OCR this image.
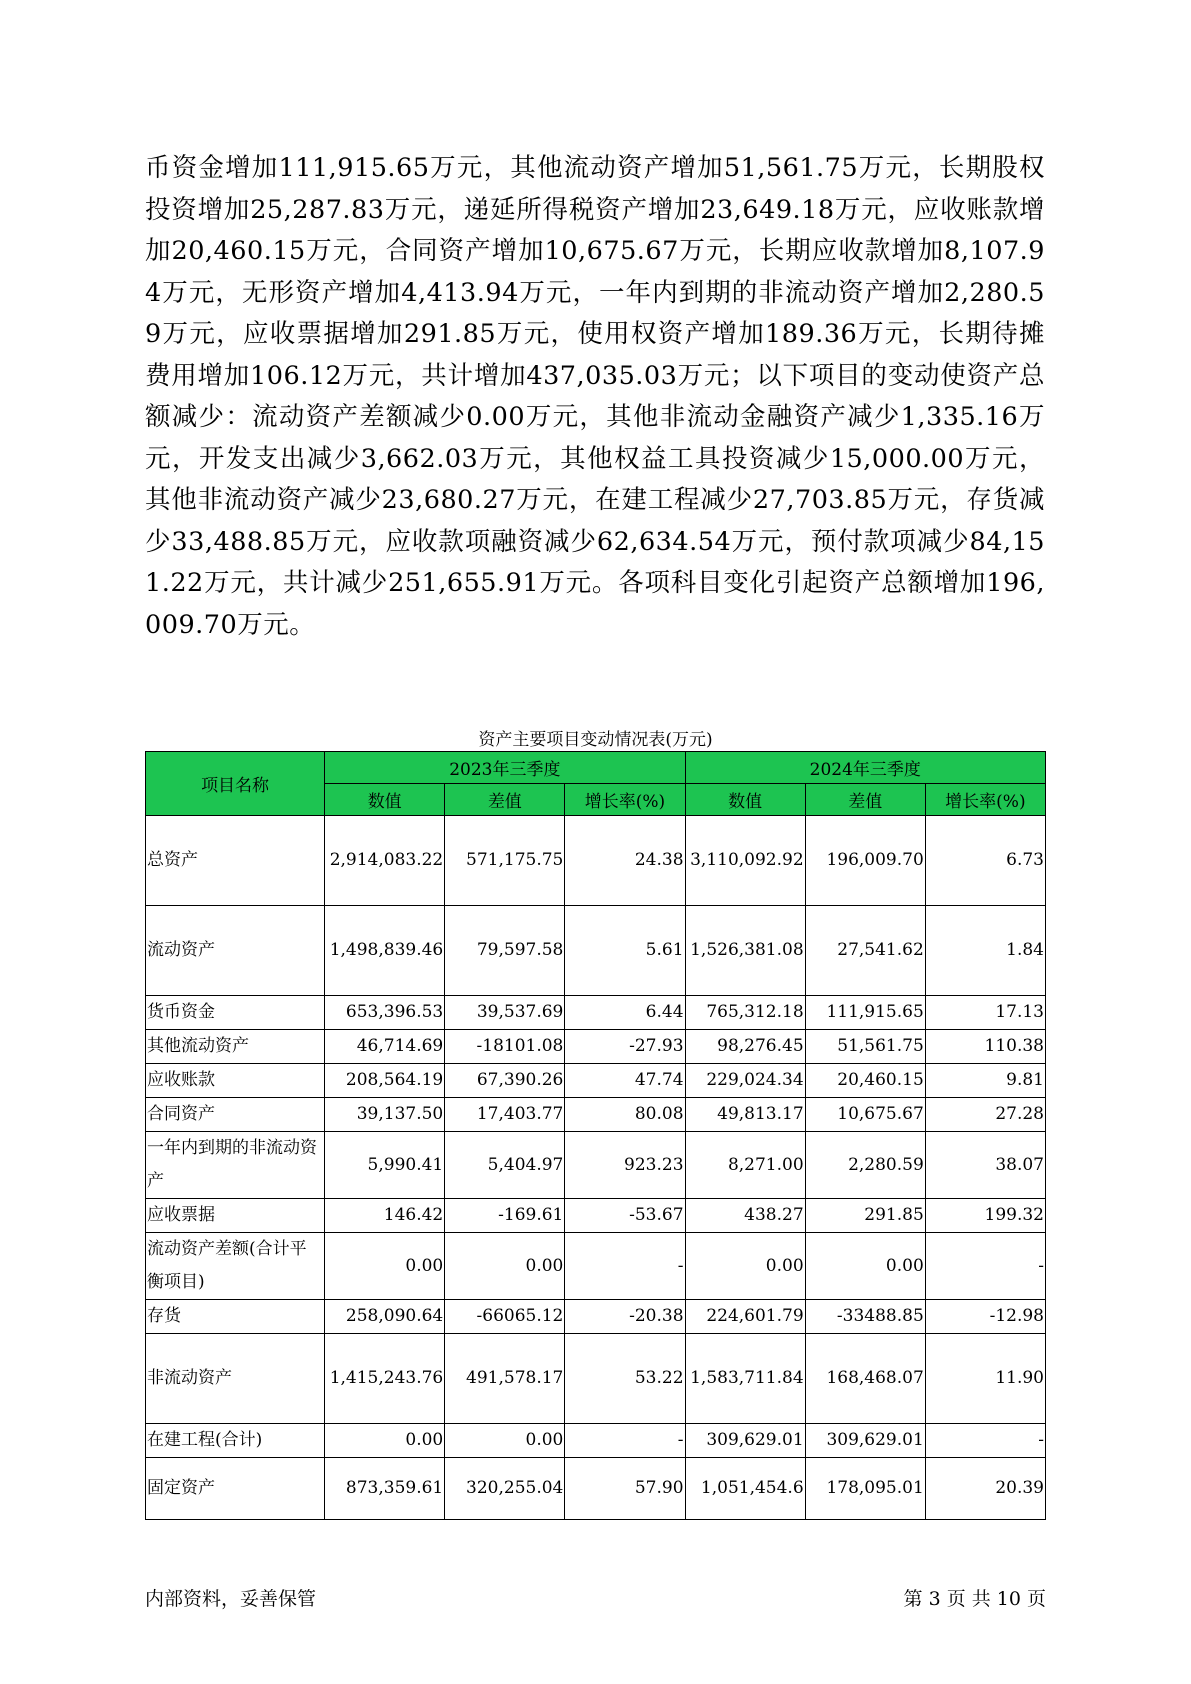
币资金增加111,915.65万元，其他流动资产增加51,561.75万元，长期股权投资增加25,287.83万元，递延所得税资产增加23,649.18万元，应收账款增加20,460.15万元，合同资产增加10,675.67万元，长期应收款增加8,107.94万元，无形资产增加4,413.94万元，一年内到期的非流动资产增加2,280.59万元，应收票据增加291.85万元，使用权资产增加189.36万元，长期待摊费用增加106.12万元，共计增加437,035.03万元；以下项目的变动使资产总额减少：流动资产差额减少0.00万元，其他非流动金融资产减少1,335.16万元，开发支出减少3,662.03万元，其他权益工具投资减少15,000.00万元，其他非流动资产减少23,680.27万元，在建工程减少27,703.85万元，存货减少33,488.85万元，应收款项融资减少62,634.54万元，预付款项减少84,151.22万元，共计减少251,655.91万元。各项科目变化引起资产总额增加196,009.70万元。
资产主要项目变动情况表(万元)
项目名称	2023年三季度			2024年三季度		
	数值	差值	增长率(%)	数值	差值	增长率(%)
总资产	2,914,083.22	571,175.75	24.38	3,110,092.92	196,009.70	6.73
流动资产	1,498,839.46	79,597.58	5.61	1,526,381.08	27,541.62	1.84
货币资金	653,396.53	39,537.69	6.44	765,312.18	111,915.65	17.13
其他流动资产	46,714.69	-18101.08	-27.93	98,276.45	51,561.75	110.38
应收账款	208,564.19	67,390.26	47.74	229,024.34	20,460.15	9.81
合同资产	39,137.50	17,403.77	80.08	49,813.17	10,675.67	27.28
一年内到期的非流动资产	5,990.41	5,404.97	923.23	8,271.00	2,280.59	38.07
应收票据	146.42	-169.61	-53.67	438.27	291.85	199.32
流动资产差额(合计平衡项目)	0.00	0.00	-	0.00	0.00	-
存货	258,090.64	-66065.12	-20.38	224,601.79	-33488.85	-12.98
非流动资产	1,415,243.76	491,578.17	53.22	1,583,711.84	168,468.07	11.90
在建工程(合计)	0.00	0.00	-	309,629.01	309,629.01	-
固定资产	873,359.61	320,255.04	57.90	1,051,454.6	178,095.01	20.39
内部资料，妥善保管	第 3 页 共 10 页
